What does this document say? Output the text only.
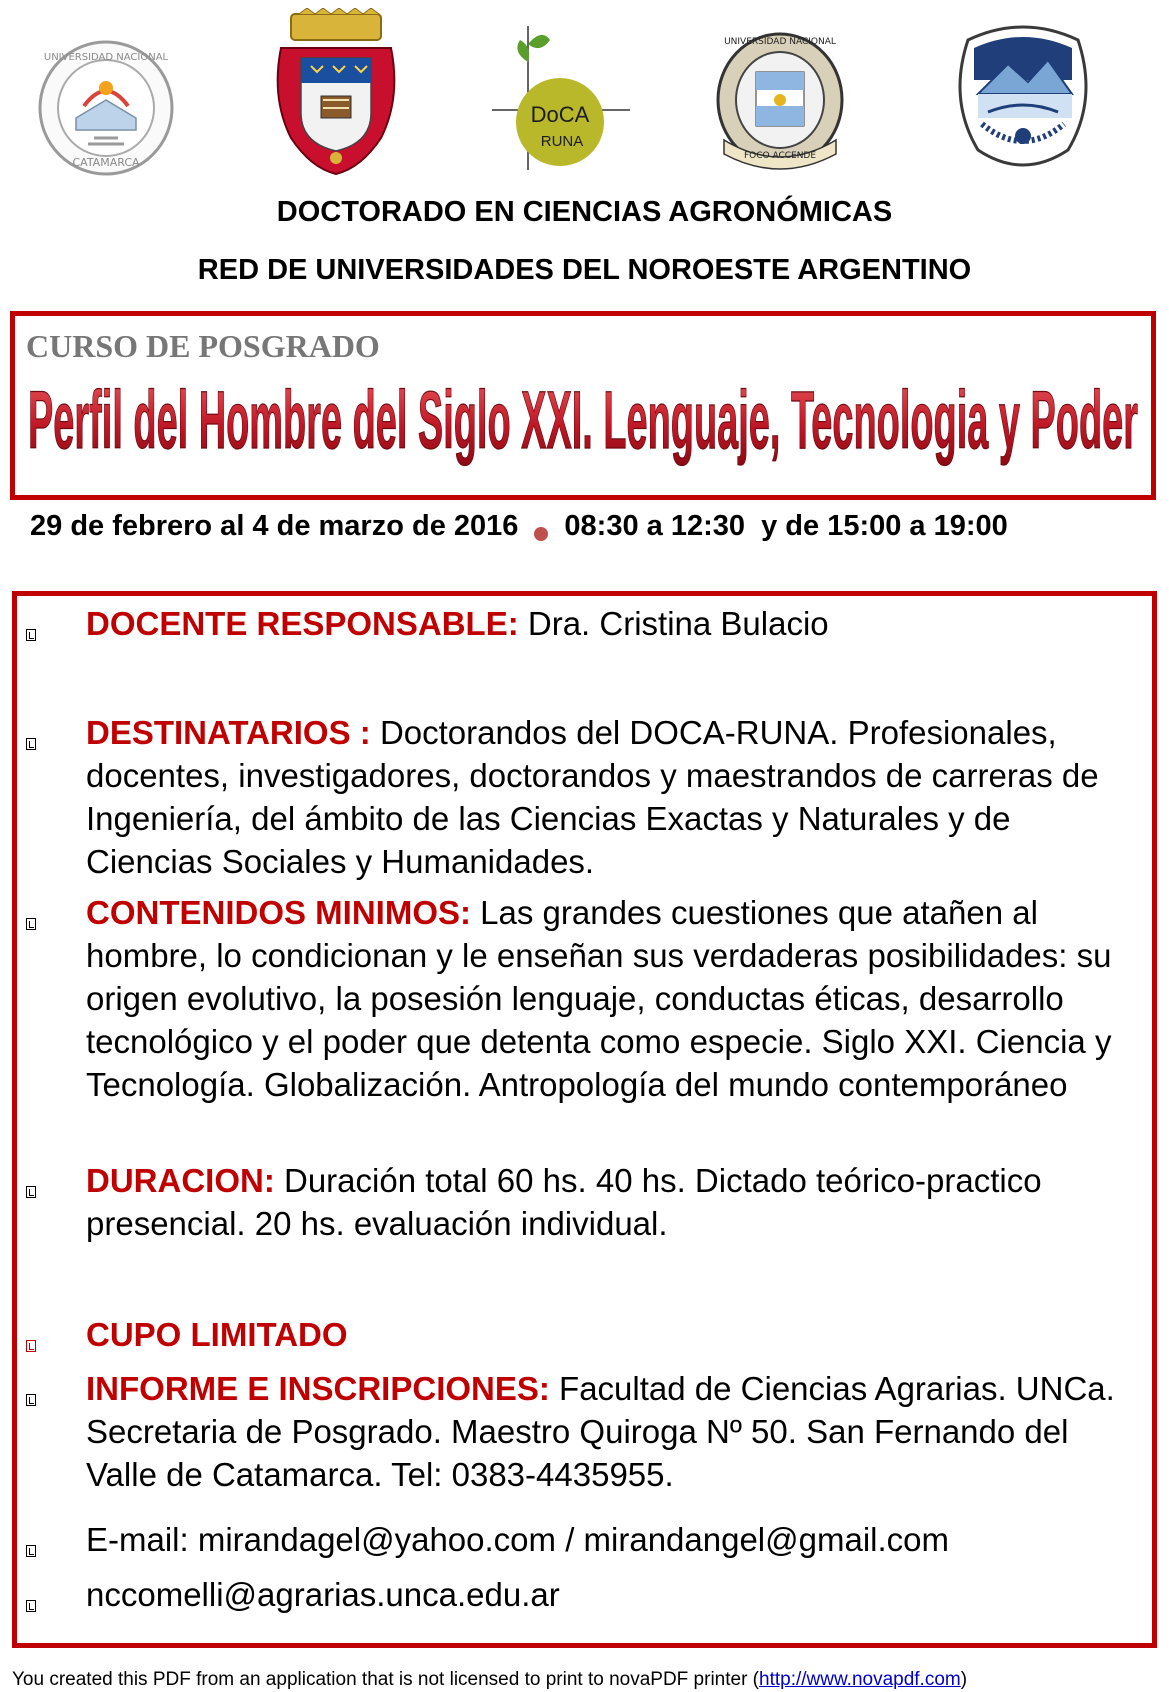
UNIVERSIDAD NACIONAL
CATAMARCA
DoCA
RUNA
FOCO ACCENDE
UNIVERSIDAD NACIONAL
DOCTORADO EN CIENCIAS AGRONÓMICAS
RED DE UNIVERSIDADES DEL NOROESTE ARGENTINO
CURSO DE POSGRADO
Perfil del Hombre del Siglo XXI. Lenguaje, Tecnologia y Poder
29 de febrero al 4 de marzo de 2016 08:30 a 12:30  y de 15:00 a 19:00
DOCENTE RESPONSABLE: Dra. Cristina Bulacio
DESTINATARIOS : Doctorandos del DOCA-RUNA. Profesionales, docentes, investigadores, doctorandos y maestrandos de carreras de Ingeniería, del ámbito de las Ciencias Exactas y Naturales y de Ciencias Sociales y Humanidades.
CONTENIDOS MINIMOS: Las grandes cuestiones que atañen al hombre, lo condicionan y le enseñan sus verdaderas posibilidades: su origen evolutivo, la posesión lenguaje, conductas éticas, desarrollo tecnológico y el poder que detenta como especie. Siglo XXI. Ciencia y Tecnología. Globalización. Antropología del mundo contemporáneo
DURACION: Duración total 60 hs. 40 hs. Dictado teórico-practico presencial. 20 hs. evaluación individual.
CUPO LIMITADO
INFORME E INSCRIPCIONES: Facultad de Ciencias Agrarias. UNCa. Secretaria de Posgrado. Maestro Quiroga Nº 50. San Fernando del Valle de Catamarca. Tel: 0383-4435955.
E-mail: mirandagel@yahoo.com / mirandangel@gmail.com
nccomelli@agrarias.unca.edu.ar
You created this PDF from an application that is not licensed to print to novaPDF printer (http://www.novapdf.com)
